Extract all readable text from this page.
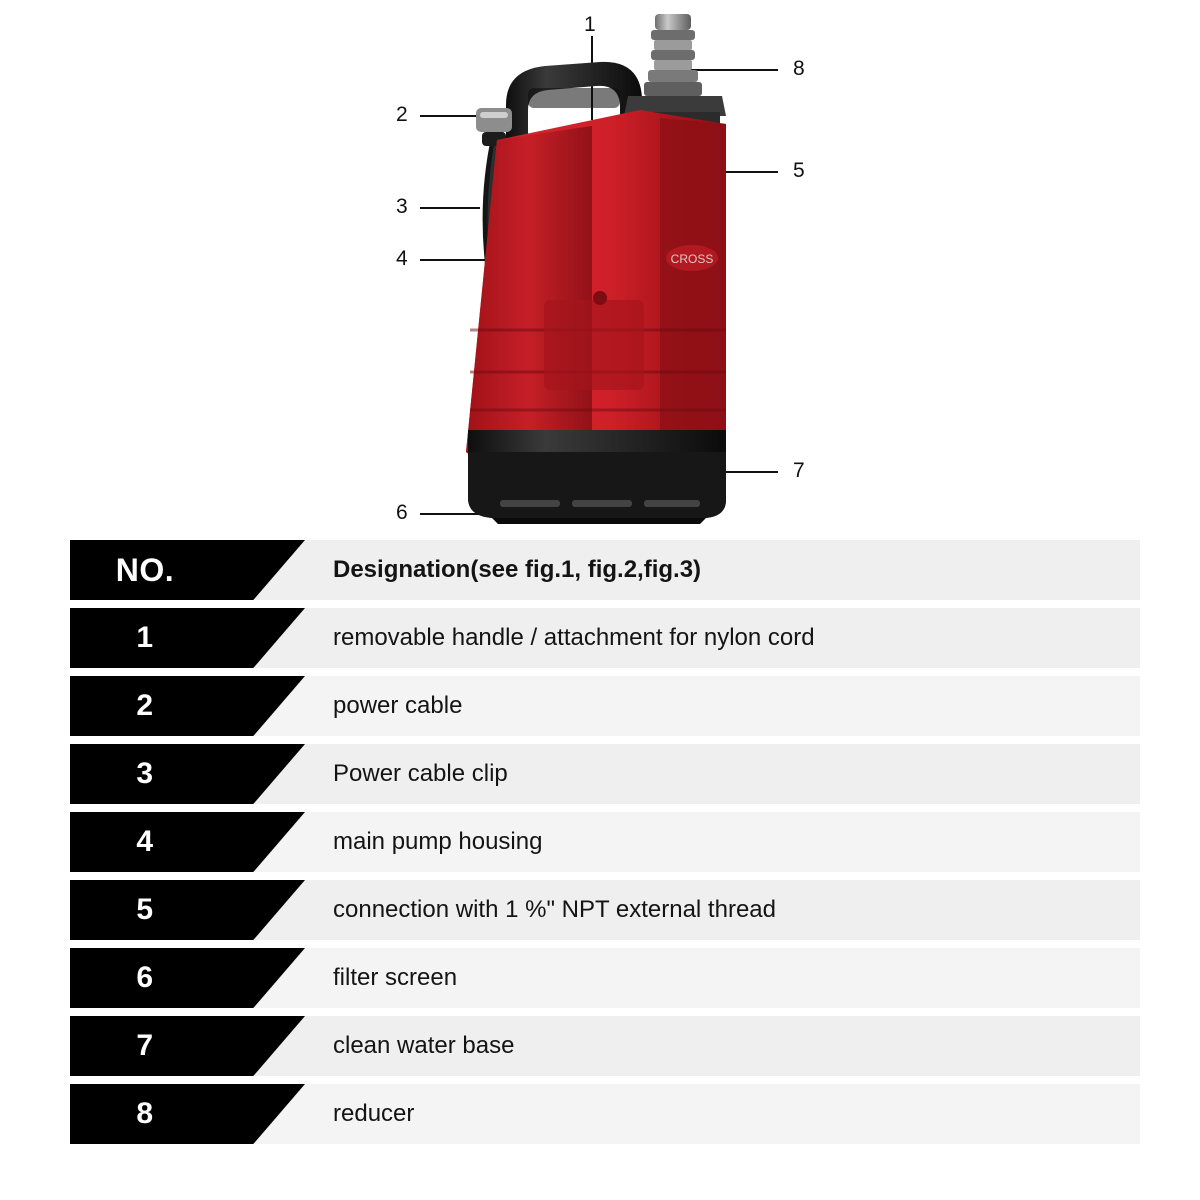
CROSS
1
2
3
4
5
6
7
8
NO.	Designation(see fig.1, fig.2,fig.3)
1	removable handle / attachment for nylon cord
2	power cable
3	Power cable clip
4	main pump housing
5	connection with 1 %" NPT external thread
6	filter screen
7	clean water base
8	reducer
